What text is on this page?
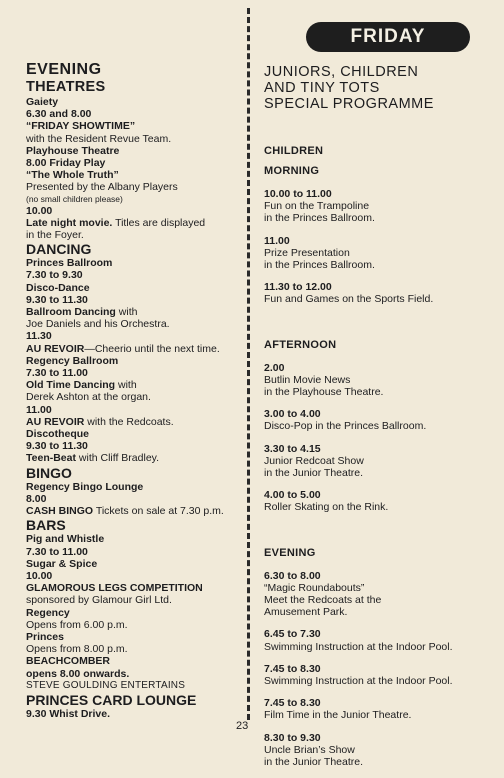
FRIDAY
EVENING
THEATRES
Gaiety
6.30 and 8.00
“FRIDAY SHOWTIME”
with the Resident Revue Team.
Playhouse Theatre
8.00 Friday Play
“The Whole Truth”
Presented by the Albany Players
(no small children please)
10.00
Late night movie. Titles are displayed
in the Foyer.
DANCING
Princes Ballroom
7.30 to 9.30
Disco-Dance
9.30 to 11.30
Ballroom Dancing with
Joe Daniels and his Orchestra.
11.30
AU REVOIR—Cheerio until the next time.
Regency Ballroom
7.30 to 11.00
Old Time Dancing with
Derek Ashton at the organ.
11.00
AU REVOIR with the Redcoats.
Discotheque
9.30 to 11.30
Teen-Beat with Cliff Bradley.
BINGO
Regency Bingo Lounge
8.00
CASH BINGO Tickets on sale at 7.30 p.m.
BARS
Pig and Whistle
7.30 to 11.00
Sugar & Spice
10.00
GLAMOROUS LEGS COMPETITION
sponsored by Glamour Girl Ltd.
Regency
Opens from 6.00 p.m.
Princes
Opens from 8.00 p.m.
BEACHCOMBER
opens 8.00 onwards.
STEVE GOULDING ENTERTAINS
PRINCES CARD LOUNGE
9.30 Whist Drive.
JUNIORS, CHILDREN
AND TINY TOTS
SPECIAL PROGRAMME
CHILDREN
MORNING
10.00 to 11.00
Fun on the Trampoline
in the Princes Ballroom.
11.00
Prize Presentation
in the Princes Ballroom.
11.30 to 12.00
Fun and Games on the Sports Field.
AFTERNOON
2.00
Butlin Movie News
in the Playhouse Theatre.
3.00 to 4.00
Disco-Pop in the Princes Ballroom.
3.30 to 4.15
Junior Redcoat Show
in the Junior Theatre.
4.00 to 5.00
Roller Skating on the Rink.
EVENING
6.30 to 8.00
“Magic Roundabouts”
Meet the Redcoats at the
Amusement Park.
6.45 to 7.30
Swimming Instruction at the Indoor Pool.
7.45 to 8.30
Swimming Instruction at the Indoor Pool.
7.45 to 8.30
Film Time in the Junior Theatre.
8.30 to 9.30
Uncle Brian’s Show
in the Junior Theatre.
23
